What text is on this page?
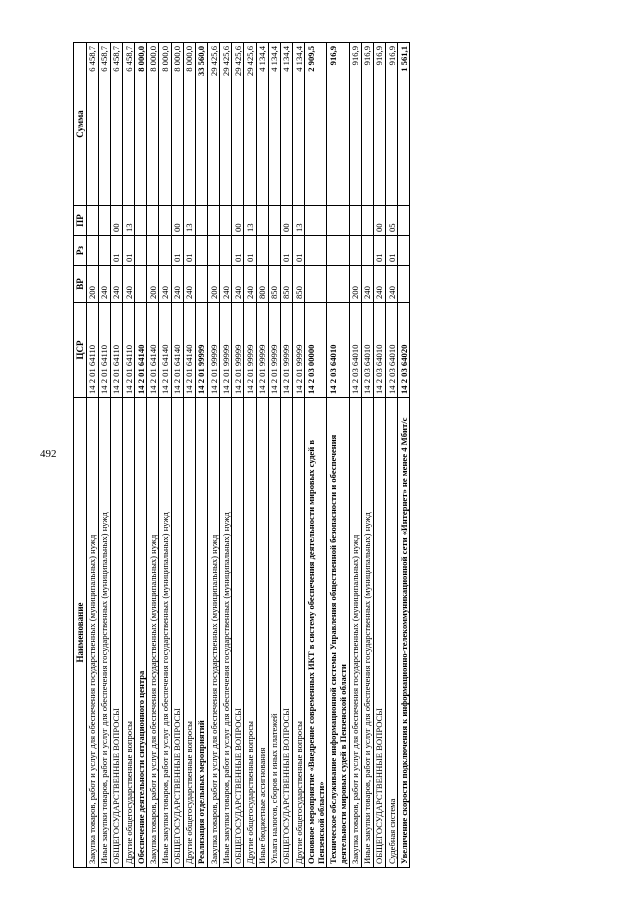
492
Наименование	ЦСР	ВР	Рз	ПР	Сумма
Закупка товаров, работ и услуг для обеспечения государственных (муниципальных) нужд	14 2 01 64110	200			6 458,7
Иные закупки товаров, работ и услуг для обеспечения государственных (муниципальных) нужд	14 2 01 64110	240			6 458,7
ОБЩЕГОСУДАРСТВЕННЫЕ ВОПРОСЫ	14 2 01 64110	240	01	00	6 458,7
Другие общегосударственные вопросы	14 2 01 64110	240	01	13	6 458,7
Обеспечение деятельности ситуационного центра	14 2 01 64140				8 000,0
Закупка товаров, работ и услуг для обеспечения государственных (муниципальных) нужд	14 2 01 64140	200			8 000,0
Иные закупки товаров, работ и услуг для обеспечения государственных (муниципальных) нужд	14 2 01 64140	240			8 000,0
ОБЩЕГОСУДАРСТВЕННЫЕ ВОПРОСЫ	14 2 01 64140	240	01	00	8 000,0
Другие общегосударственные вопросы	14 2 01 64140	240	01	13	8 000,0
Реализация отдельных мероприятий	14 2 01 99999				33 560,0
Закупка товаров, работ и услуг для обеспечения государственных (муниципальных) нужд	14 2 01 99999	200			29 425,6
Иные закупки товаров, работ и услуг для обеспечения государственных (муниципальных) нужд	14 2 01 99999	240			29 425,6
ОБЩЕГОСУДАРСТВЕННЫЕ ВОПРОСЫ	14 2 01 99999	240	01	00	29 425,6
Другие общегосударственные вопросы	14 2 01 99999	240	01	13	29 425,6
Иные бюджетные ассигнования	14 2 01 99999	800			4 134,4
Уплата налогов, сборов и иных платежей	14 2 01 99999	850			4 134,4
ОБЩЕГОСУДАРСТВЕННЫЕ ВОПРОСЫ	14 2 01 99999	850	01	00	4 134,4
Другие общегосударственные вопросы	14 2 01 99999	850	01	13	4 134,4
Основное мероприятие «Внедрение современных ИКТ в систему обеспечения деятельности мировых судей в Пензенской области»	14 2 03 00000				2 909,5
Техническое обслуживание информационной системы Управления общественной безопасности и обеспечения деятельности мировых судей в Пензенской области	14 2 03 64010				916,9
Закупка товаров, работ и услуг для обеспечения государственных (муниципальных) нужд	14 2 03 64010	200			916,9
Иные закупки товаров, работ и услуг для обеспечения государственных (муниципальных) нужд	14 2 03 64010	240			916,9
ОБЩЕГОСУДАРСТВЕННЫЕ ВОПРОСЫ	14 2 03 64010	240	01	00	916,9
Судебная система	14 2 03 64010	240	01	05	916,9
Увеличение скорости подключения к информационно-телекоммуникационной сети «Интернет» не менее 4 Мбит/с	14 2 03 64020				1 561,1
